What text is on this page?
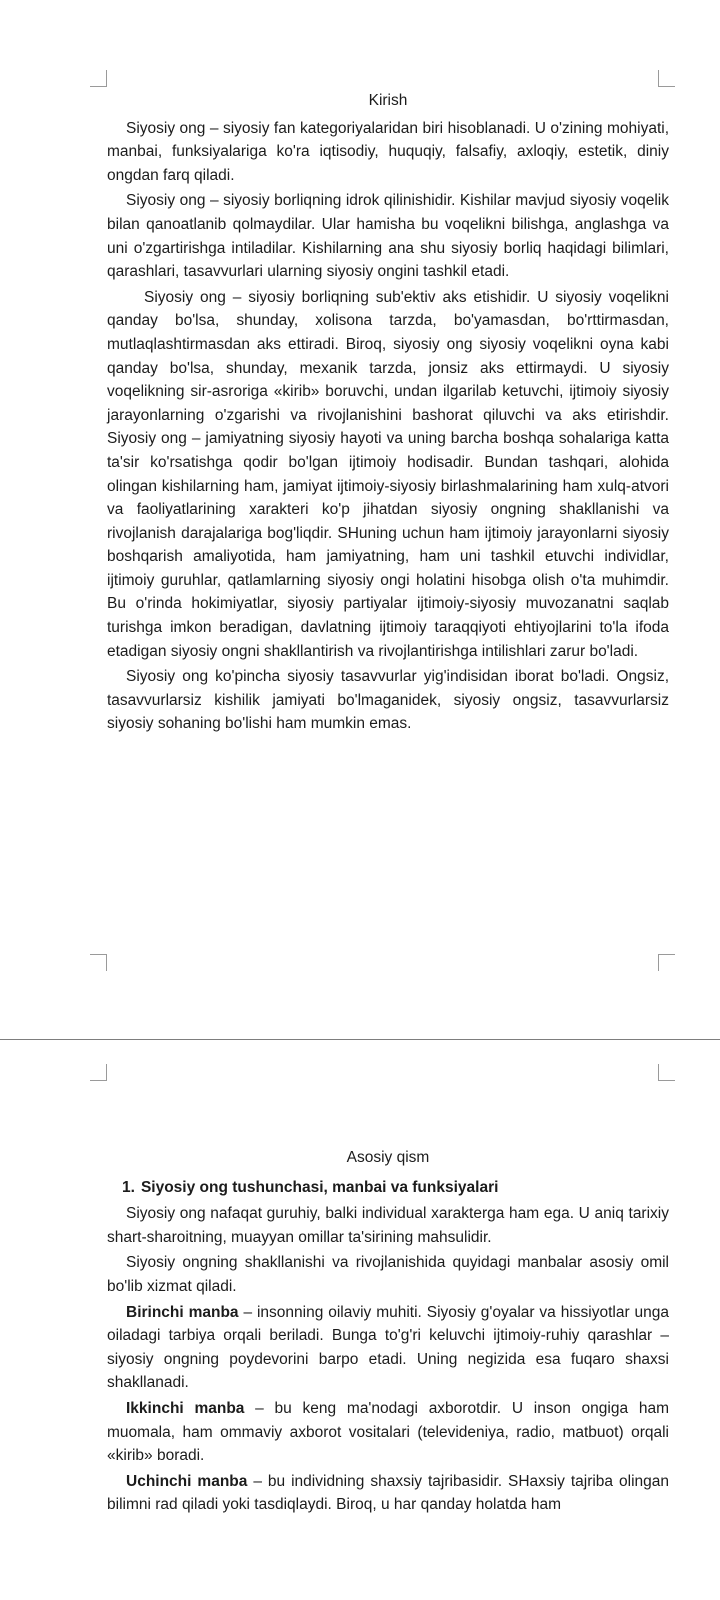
Kirish

Siyosiy ong – siyosiy fan kategoriyalaridan biri hisoblanadi. U o'zining mohiyati, manbai, funksiyalariga ko'ra iqtisodiy, huquqiy, falsafiy, axloqiy, estetik, diniy ongdan farq qiladi.

Siyosiy ong – siyosiy borliqning idrok qilinishidir. Kishilar mavjud siyosiy voqelik bilan qanoatlanib qolmaydilar. Ular hamisha bu voqelikni bilishga, anglashga va uni o'zgartirishga intiladilar. Kishilarning ana shu siyosiy borliq haqidagi bilimlari, qarashlari, tasavvurlari ularning siyosiy ongini tashkil etadi.

Siyosiy ong – siyosiy borliqning sub'ektiv aks etishidir. U siyosiy voqelikni qanday bo'lsa, shunday, xolisona tarzda, bo'yamasdan, bo'rttirmasdan, mutlaqlashtirmasdan aks ettiradi. Biroq, siyosiy ong siyosiy voqelikni oyna kabi qanday bo'lsa, shunday, mexanik tarzda, jonsiz aks ettirmaydi. U siyosiy voqelikning sir-asroriga «kirib» boruvchi, undan ilgarilab ketuvchi, ijtimoiy siyosiy jarayonlarning o'zgarishi va rivojlanishini bashorat qiluvchi va aks etirishdir. Siyosiy ong – jamiyatning siyosiy hayoti va uning barcha boshqa sohalariga katta ta'sir ko'rsatishga qodir bo'lgan ijtimoiy hodisadir. Bundan tashqari, alohida olingan kishilarning ham, jamiyat ijtimoiy-siyosiy birlashmalarining ham xulq-atvori va faoliyatlarining xarakteri ko'p jihatdan siyosiy ongning shakllanishi va rivojlanish darajalariga bog'liqdir. SHuning uchun ham ijtimoiy jarayonlarni siyosiy boshqarish amaliyotida, ham jamiyatning, ham uni tashkil etuvchi individlar, ijtimoiy guruhlar, qatlamlarning siyosiy ongi holatini hisobga olish o'ta muhimdir. Bu o'rinda hokimiyatlar, siyosiy partiyalar ijtimoiy-siyosiy muvozanatni saqlab turishga imkon beradigan, davlatning ijtimoiy taraqqiyoti ehtiyojlarini to'la ifoda etadigan siyosiy ongni shakllantirish va rivojlantirishga intilishlari zarur bo'ladi.

Siyosiy ong ko'pincha siyosiy tasavvurlar yig'indisidan iborat bo'ladi. Ongsiz, tasavvurlarsiz kishilik jamiyati bo'lmaganidek, siyosiy ongsiz, tasavvurlarsiz siyosiy sohaning bo'lishi ham mumkin emas.

Asosiy qism
1. Siyosiy ong tushunchasi, manbai va funksiyalari

Siyosiy ong nafaqat guruhiy, balki individual xarakterga ham ega. U aniq tarixiy shart-sharoitning, muayyan omillar ta'sirining mahsulidir.

Siyosiy ongning shakllanishi va rivojlanishida quyidagi manbalar asosiy omil bo'lib xizmat qiladi.

Birinchi manba – insonning oilaviy muhiti. Siyosiy g'oyalar va hissiyotlar unga oiladagi tarbiya orqali beriladi. Bunga to'g'ri keluvchi ijtimoiy-ruhiy qarashlar – siyosiy ongning poydevorini barpo etadi. Uning negizida esa fuqaro shaxsi shakllanadi.

Ikkinchi manba – bu keng ma'nodagi axborotdir. U inson ongiga ham muomala, ham ommaviy axborot vositalari (televideniya, radio, matbuot) orqali «kirib» boradi.

Uchinchi manba – bu individning shaxsiy tajribasidir. SHaxsiy tajriba olingan bilimni rad qiladi yoki tasdiqlaydi. Biroq, u har qanday holatda ham
